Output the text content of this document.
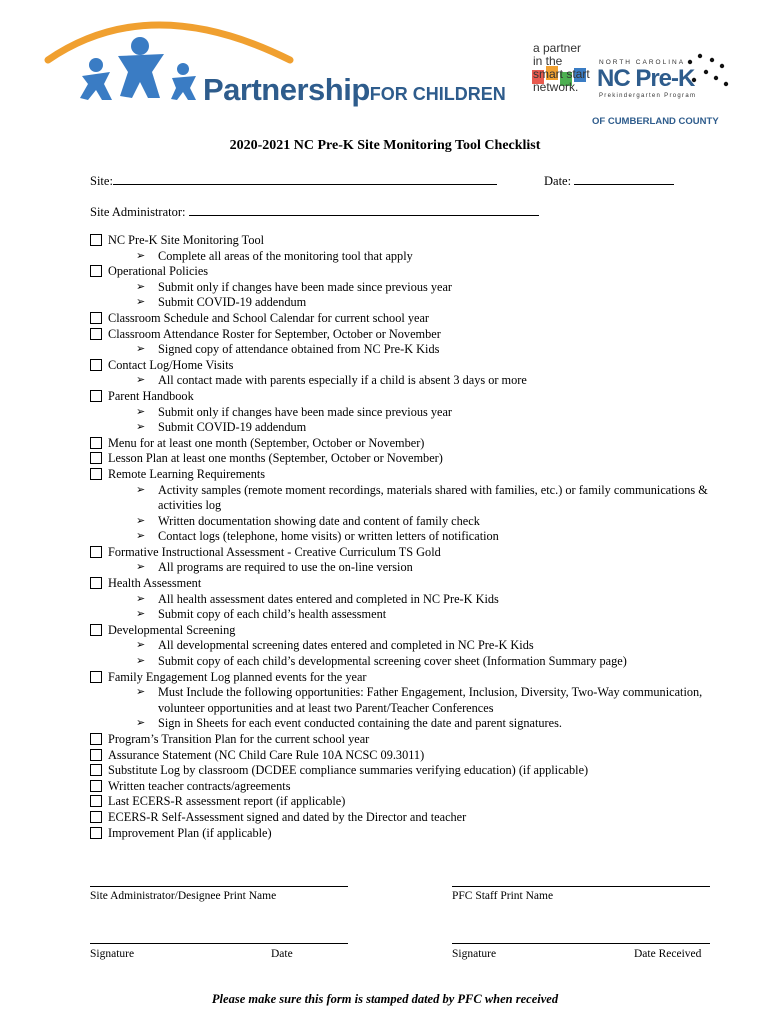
PartnershipFOR CHILDREN
a partner
in the
smart start
network.
NORTH CAROLINA
NC Pre-K
Prekindergarten Program
OF CUMBERLAND COUNTY
2020-2021 NC Pre-K Site Monitoring Tool Checklist
Site:	Date:
Site Administrator:
NC Pre-K Site Monitoring Tool
➢	Complete all areas of the monitoring tool that apply
Operational Policies
➢	Submit only if changes have been made since previous year
➢	Submit COVID-19 addendum
Classroom Schedule and School Calendar for current school year
Classroom Attendance Roster for September, October or November
➢	Signed copy of attendance obtained from NC Pre-K Kids
Contact Log/Home Visits
➢	All contact made with parents especially if a child is absent 3 days or more
Parent Handbook
➢	Submit only if changes have been made since previous year
➢	Submit COVID-19 addendum
Menu for at least one month (September, October or November)
Lesson Plan at least one months (September, October or November)
Remote Learning Requirements
➢	Activity samples (remote moment recordings, materials shared with families, etc.) or family communications & activities log
➢	Written documentation showing date and content of family check
➢	Contact logs (telephone, home visits) or written letters of notification
Formative Instructional Assessment - Creative Curriculum TS Gold
➢	All programs are required to use the on-line version
Health Assessment
➢	All health assessment dates entered and completed in NC Pre-K Kids
➢	Submit copy of each child’s health assessment
Developmental Screening
➢	All developmental screening dates entered and completed in NC Pre-K Kids
➢	Submit copy of each child’s developmental screening cover sheet (Information Summary page)
Family Engagement Log planned events for the year
➢	Must Include the following opportunities: Father Engagement, Inclusion, Diversity, Two-Way communication, volunteer opportunities and at least two Parent/Teacher Conferences
➢	Sign in Sheets for each event conducted containing the date and parent signatures.
Program’s Transition Plan for the current school year
Assurance Statement (NC Child Care Rule 10A NCSC 09.3011)
Substitute Log by classroom (DCDEE compliance summaries verifying education) (if applicable)
Written teacher contracts/agreements
Last ECERS-R assessment report (if applicable)
ECERS-R Self-Assessment signed and dated by the Director and teacher
Improvement Plan (if applicable)
Site Administrator/Designee Print Name	PFC Staff Print Name
Signature	Date	Signature	Date Received
Please make sure this form is stamped dated by PFC when received
